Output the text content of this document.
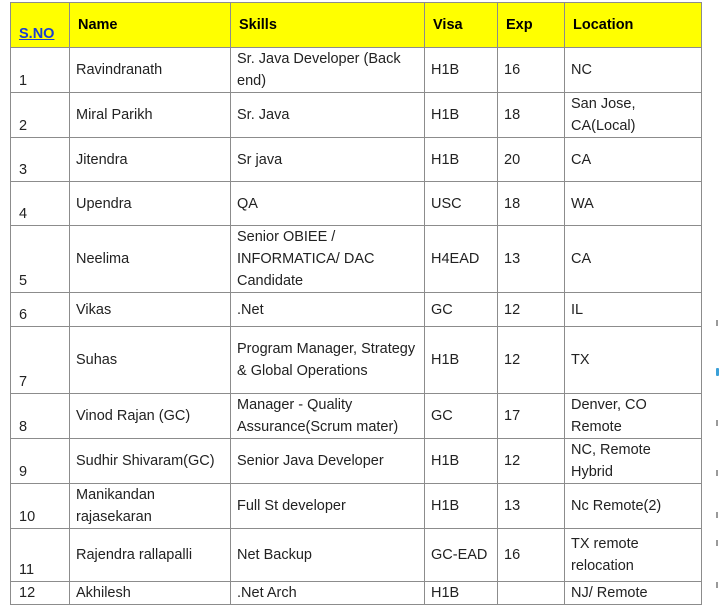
S.NO	Name	Skills	Visa	Exp	Location
1	Ravindranath	Sr. Java Developer (Back end)	H1B	16	NC
2	Miral Parikh	Sr. Java	H1B	18	San Jose, CA(Local)
3	Jitendra	Sr java	H1B	20	CA
4	Upendra	QA	USC	18	WA
5	Neelima	Senior OBIEE / INFORMATICA/ DAC Candidate	H4EAD	13	CA
6	Vikas	.Net	GC	12	IL
7	Suhas	Program Manager, Strategy & Global Operations	H1B	12	TX
8	Vinod Rajan (GC)	Manager - Quality Assurance(Scrum mater)	GC	17	Denver, CO Remote
9	Sudhir Shivaram(GC)	Senior Java Developer	H1B	12	NC, Remote Hybrid
10	Manikandan rajasekaran	Full St developer	H1B	13	Nc Remote(2)
11	Rajendra rallapalli	Net Backup	GC-EAD	16	TX remote relocation
12	Akhilesh	.Net Arch	H1B		NJ/ Remote
